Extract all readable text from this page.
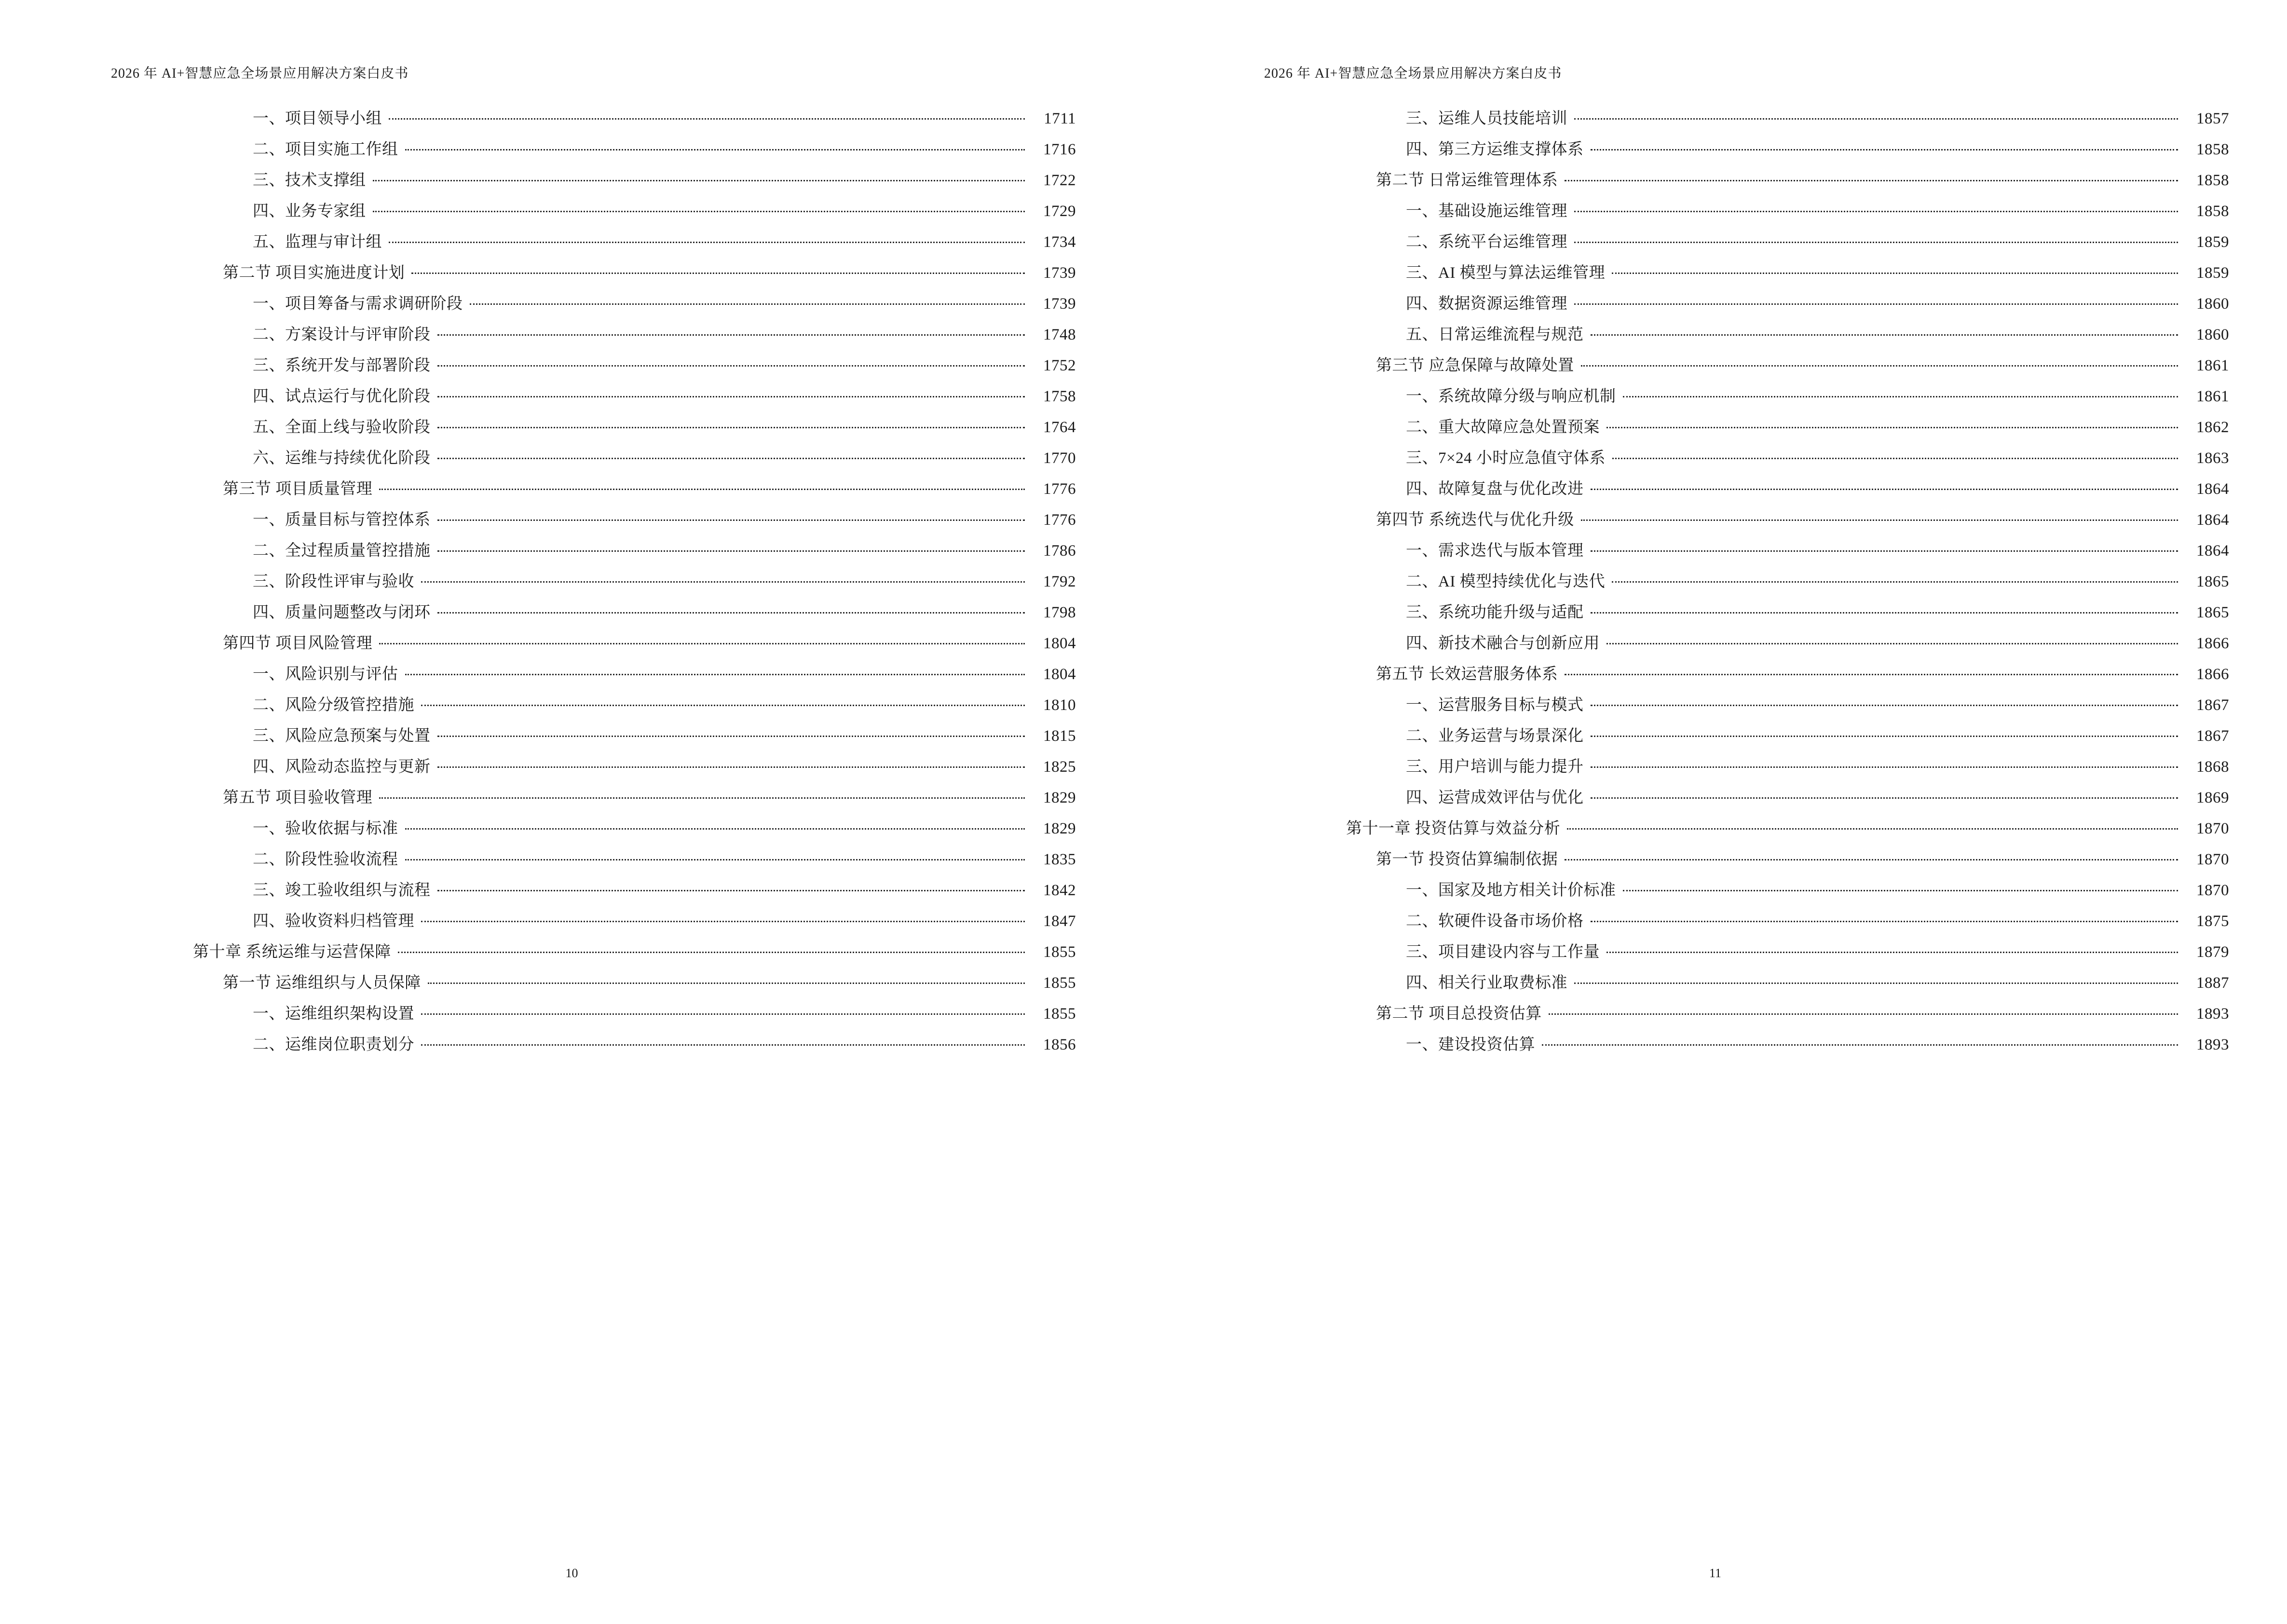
2026 年 AI+智慧应急全场景应用解决方案白皮书
一、项目领导小组	1711
二、项目实施工作组	1716
三、技术支撑组	1722
四、业务专家组	1729
五、监理与审计组	1734
第二节 项目实施进度计划	1739
一、项目筹备与需求调研阶段	1739
二、方案设计与评审阶段	1748
三、系统开发与部署阶段	1752
四、试点运行与优化阶段	1758
五、全面上线与验收阶段	1764
六、运维与持续优化阶段	1770
第三节 项目质量管理	1776
一、质量目标与管控体系	1776
二、全过程质量管控措施	1786
三、阶段性评审与验收	1792
四、质量问题整改与闭环	1798
第四节 项目风险管理	1804
一、风险识别与评估	1804
二、风险分级管控措施	1810
三、风险应急预案与处置	1815
四、风险动态监控与更新	1825
第五节 项目验收管理	1829
一、验收依据与标准	1829
二、阶段性验收流程	1835
三、竣工验收组织与流程	1842
四、验收资料归档管理	1847
第十章 系统运维与运营保障	1855
第一节 运维组织与人员保障	1855
一、运维组织架构设置	1855
二、运维岗位职责划分	1856
10
2026 年 AI+智慧应急全场景应用解决方案白皮书
三、运维人员技能培训	1857
四、第三方运维支撑体系	1858
第二节 日常运维管理体系	1858
一、基础设施运维管理	1858
二、系统平台运维管理	1859
三、AI 模型与算法运维管理	1859
四、数据资源运维管理	1860
五、日常运维流程与规范	1860
第三节 应急保障与故障处置	1861
一、系统故障分级与响应机制	1861
二、重大故障应急处置预案	1862
三、7×24 小时应急值守体系	1863
四、故障复盘与优化改进	1864
第四节 系统迭代与优化升级	1864
一、需求迭代与版本管理	1864
二、AI 模型持续优化与迭代	1865
三、系统功能升级与适配	1865
四、新技术融合与创新应用	1866
第五节 长效运营服务体系	1866
一、运营服务目标与模式	1867
二、业务运营与场景深化	1867
三、用户培训与能力提升	1868
四、运营成效评估与优化	1869
第十一章 投资估算与效益分析	1870
第一节 投资估算编制依据	1870
一、国家及地方相关计价标准	1870
二、软硬件设备市场价格	1875
三、项目建设内容与工作量	1879
四、相关行业取费标准	1887
第二节 项目总投资估算	1893
一、建设投资估算	1893
11
